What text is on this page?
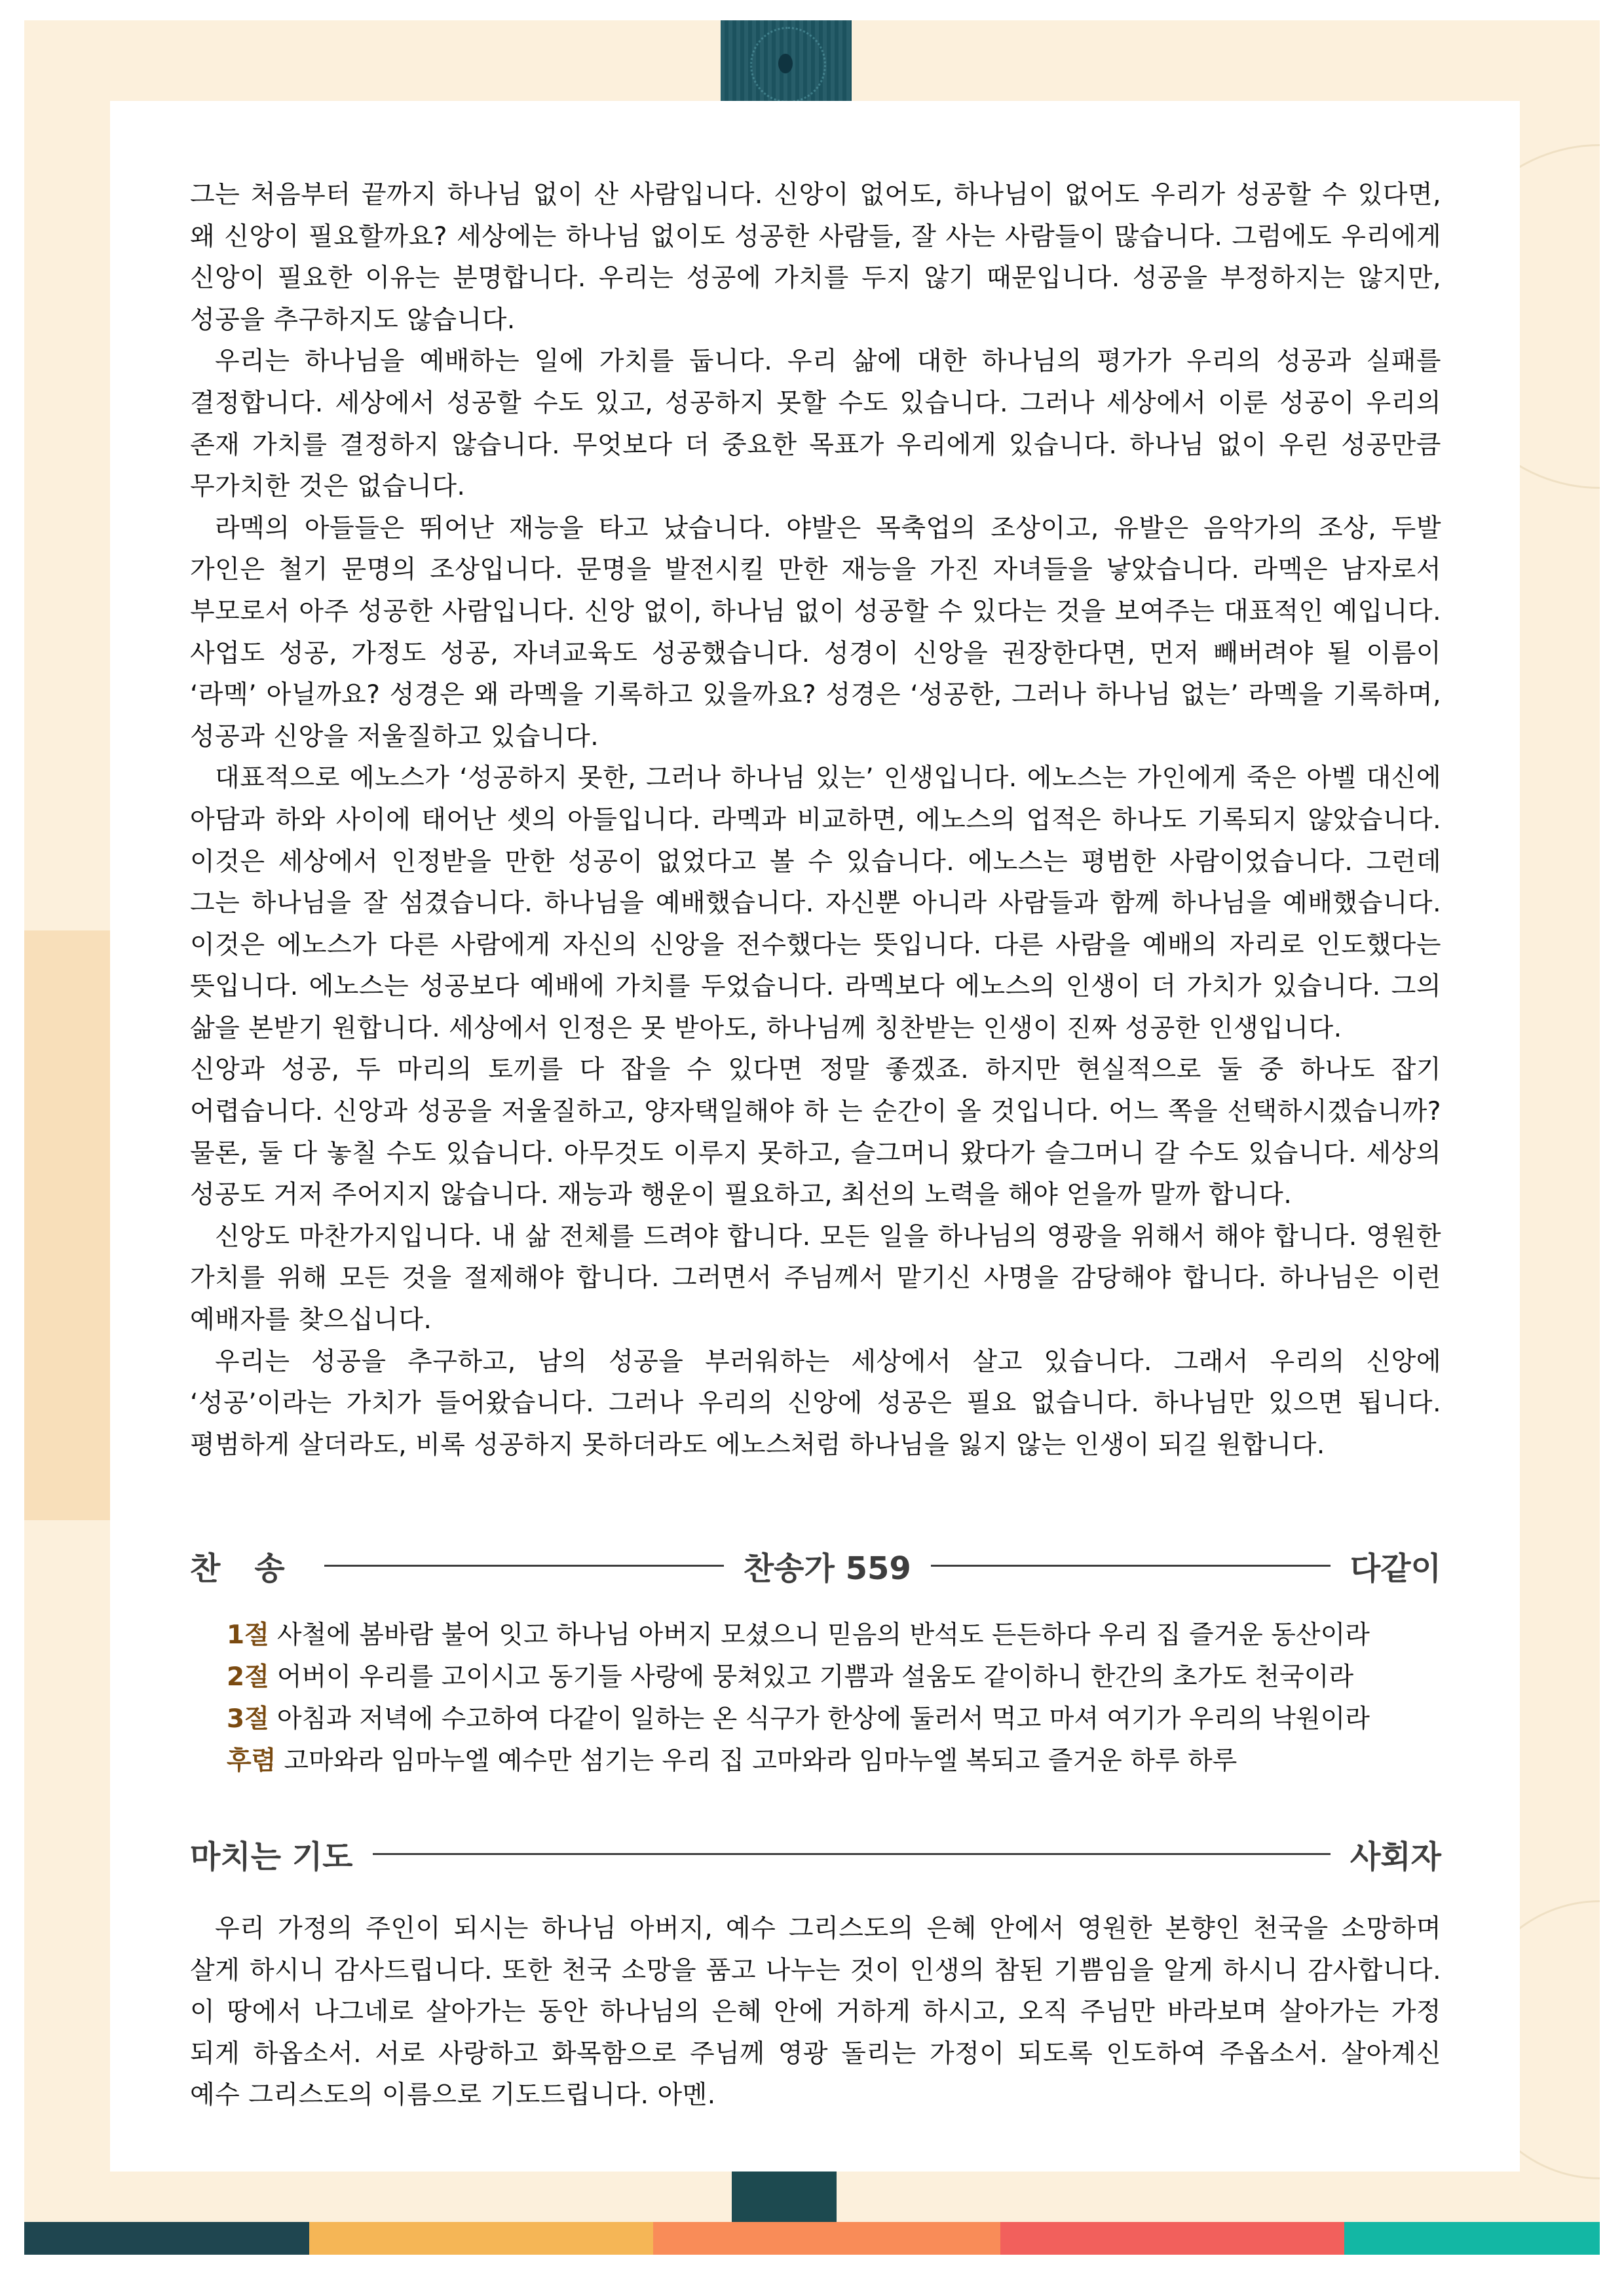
그는 처음부터 끝까지 하나님 없이 산 사람입니다. 신앙이 없어도, 하나님이 없어도 우리가 성공할 수 있다면, 왜 신앙이 필요할까요? 세상에는 하나님 없이도 성공한 사람들, 잘 사는 사람들이 많습니다. 그럼에도 우리에게 신앙이 필요한 이유는 분명합니다. 우리는 성공에 가치를 두지 않기 때문입니다. 성공을 부정하지는 않지만, 성공을 추구하지도 않습니다.

우리는 하나님을 예배하는 일에 가치를 둡니다. 우리 삶에 대한 하나님의 평가가 우리의 성공과 실패를 결정합니다. 세상에서 성공할 수도 있고, 성공하지 못할 수도 있습니다. 그러나 세상에서 이룬 성공이 우리의 존재 가치를 결정하지 않습니다. 무엇보다 더 중요한 목표가 우리에게 있습니다. 하나님 없이 우린 성공만큼 무가치한 것은 없습니다.

라멕의 아들들은 뛰어난 재능을 타고 났습니다. 야발은 목축업의 조상이고, 유발은 음악가의 조상, 두발 가인은 철기 문명의 조상입니다. 문명을 발전시킬 만한 재능을 가진 자녀들을 낳았습니다. 라멕은 남자로서 부모로서 아주 성공한 사람입니다. 신앙 없이, 하나님 없이 성공할 수 있다는 것을 보여주는 대표적인 예입니다. 사업도 성공, 가정도 성공, 자녀교육도 성공했습니다. 성경이 신앙을 권장한다면, 먼저 빼버려야 될 이름이 ‘라멕’ 아닐까요? 성경은 왜 라멕을 기록하고 있을까요? 성경은 ‘성공한, 그러나 하나님 없는’ 라멕을 기록하며, 성공과 신앙을 저울질하고 있습니다.

대표적으로 에노스가 ‘성공하지 못한, 그러나 하나님 있는’ 인생입니다. 에노스는 가인에게 죽은 아벨 대신에 아담과 하와 사이에 태어난 셋의 아들입니다. 라멕과 비교하면, 에노스의 업적은 하나도 기록되지 않았습니다. 이것은 세상에서 인정받을 만한 성공이 없었다고 볼 수 있습니다. 에노스는 평범한 사람이었습니다. 그런데 그는 하나님을 잘 섬겼습니다. 하나님을 예배했습니다. 자신뿐 아니라 사람들과 함께 하나님을 예배했습니다. 이것은 에노스가 다른 사람에게 자신의 신앙을 전수했다는 뜻입니다. 다른 사람을 예배의 자리로 인도했다는 뜻입니다. 에노스는 성공보다 예배에 가치를 두었습니다. 라멕보다 에노스의 인생이 더 가치가 있습니다. 그의 삶을 본받기 원합니다. 세상에서 인정은 못 받아도, 하나님께 칭찬받는 인생이 진짜 성공한 인생입니다.

신앙과 성공, 두 마리의 토끼를 다 잡을 수 있다면 정말 좋겠죠. 하지만 현실적으로 둘 중 하나도 잡기 어렵습니다. 신앙과 성공을 저울질하고, 양자택일해야 하 는 순간이 올 것입니다. 어느 쪽을 선택하시겠습니까? 물론, 둘 다 놓칠 수도 있습니다. 아무것도 이루지 못하고, 슬그머니 왔다가 슬그머니 갈 수도 있습니다. 세상의 성공도 거저 주어지지 않습니다. 재능과 행운이 필요하고, 최선의 노력을 해야 얻을까 말까 합니다.

신앙도 마찬가지입니다. 내 삶 전체를 드려야 합니다. 모든 일을 하나님의 영광을 위해서 해야 합니다. 영원한 가치를 위해 모든 것을 절제해야 합니다. 그러면서 주님께서 맡기신 사명을 감당해야 합니다. 하나님은 이런 예배자를 찾으십니다.

우리는 성공을 추구하고, 남의 성공을 부러워하는 세상에서 살고 있습니다. 그래서 우리의 신앙에 ‘성공’이라는 가치가 들어왔습니다. 그러나 우리의 신앙에 성공은 필요 없습니다. 하나님만 있으면 됩니다. 평범하게 살더라도, 비록 성공하지 못하더라도 에노스처럼 하나님을 잃지 않는 인생이 되길 원합니다.

찬송	찬송가 559	다같이
1절 사철에 봄바람 불어 잇고 하나님 아버지 모셨으니 믿음의 반석도 든든하다 우리 집 즐거운 동산이라
2절 어버이 우리를 고이시고 동기들 사랑에 뭉쳐있고 기쁨과 설움도 같이하니 한간의 초가도 천국이라
3절 아침과 저녁에 수고하여 다같이 일하는 온 식구가 한상에 둘러서 먹고 마셔 여기가 우리의 낙원이라
후렴 고마와라 임마누엘 예수만 섬기는 우리 집 고마와라 임마누엘 복되고 즐거운 하루 하루
마치는 기도	사회자

우리 가정의 주인이 되시는 하나님 아버지, 예수 그리스도의 은혜 안에서 영원한 본향인 천국을 소망하며 살게 하시니 감사드립니다. 또한 천국 소망을 품고 나누는 것이 인생의 참된 기쁨임을 알게 하시니 감사합니다. 이 땅에서 나그네로 살아가는 동안 하나님의 은혜 안에 거하게 하시고, 오직 주님만 바라보며 살아가는 가정 되게 하옵소서. 서로 사랑하고 화목함으로 주님께 영광 돌리는 가정이 되도록 인도하여 주옵소서. 살아계신 예수 그리스도의 이름으로 기도드립니다. 아멘.
